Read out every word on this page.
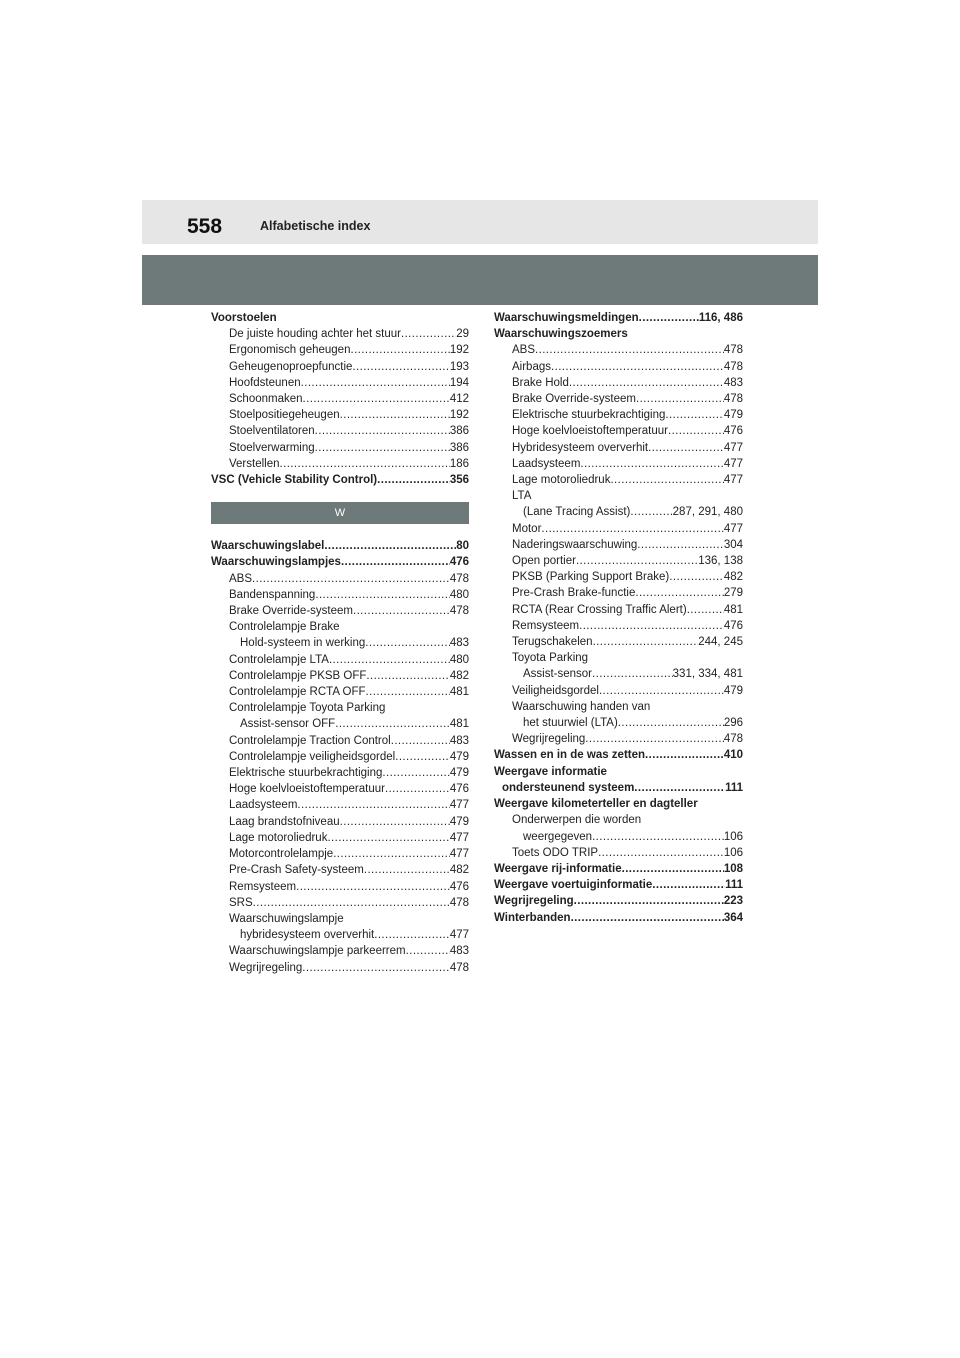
558	Alfabetische index
Voorstoelen
De juiste houding achter het stuur .....	29
Ergonomisch geheugen .....	192
Geheugenoproepfunctie .....	193
Hoofdsteunen .....	194
Schoonmaken .....	412
Stoelpositiegeheugen .....	192
Stoelventilatoren .....	386
Stoelverwarming .....	386
Verstellen .....	186
VSC (Vehicle Stability Control) .....	356
W
Waarschuwingslabel .....	80
Waarschuwingslampjes .....	476
ABS .....	478
Bandenspanning .....	480
Brake Override-systeem .....	478
Controlelampje Brake
Hold-systeem in werking .....	483
Controlelampje LTA .....	480
Controlelampje PKSB OFF .....	482
Controlelampje RCTA OFF .....	481
Controlelampje Toyota Parking
Assist-sensor OFF .....	481
Controlelampje Traction Control .....	483
Controlelampje veiligheidsgordel .....	479
Elektrische stuurbekrachtiging .....	479
Hoge koelvloeistoftemperatuur .....	476
Laadsysteem .....	477
Laag brandstofniveau .....	479
Lage motoroliedruk .....	477
Motorcontrolelampje .....	477
Pre-Crash Safety-systeem .....	482
Remsysteem .....	476
SRS .....	478
Waarschuwingslampje
hybridesysteem oververhit .....	477
Waarschuwingslampje parkeerrem .....	483
Wegrijregeling .....	478
Waarschuwingsmeldingen .....	116, 486
Waarschuwingszoemers
ABS .....	478
Airbags .....	478
Brake Hold .....	483
Brake Override-systeem .....	478
Elektrische stuurbekrachtiging .....	479
Hoge koelvloeistoftemperatuur .....	476
Hybridesysteem oververhit .....	477
Laadsysteem .....	477
Lage motoroliedruk .....	477
LTA
(Lane Tracing Assist) .....	287, 291, 480
Motor .....	477
Naderingswaarschuwing .....	304
Open portier .....	136, 138
PKSB (Parking Support Brake) .....	482
Pre-Crash Brake-functie .....	279
RCTA (Rear Crossing Traffic Alert) .....	481
Remsysteem .....	476
Terugschakelen .....	244, 245
Toyota Parking
Assist-sensor .....	331, 334, 481
Veiligheidsgordel .....	479
Waarschuwing handen van
het stuurwiel (LTA) .....	296
Wegrijregeling .....	478
Wassen en in de was zetten .....	410
Weergave informatie
ondersteunend systeem .....	111
Weergave kilometerteller en dagteller
Onderwerpen die worden
weergegeven .....	106
Toets ODO TRIP .....	106
Weergave rij-informatie .....	108
Weergave voertuiginformatie .....	111
Wegrijregeling .....	223
Winterbanden .....	364
